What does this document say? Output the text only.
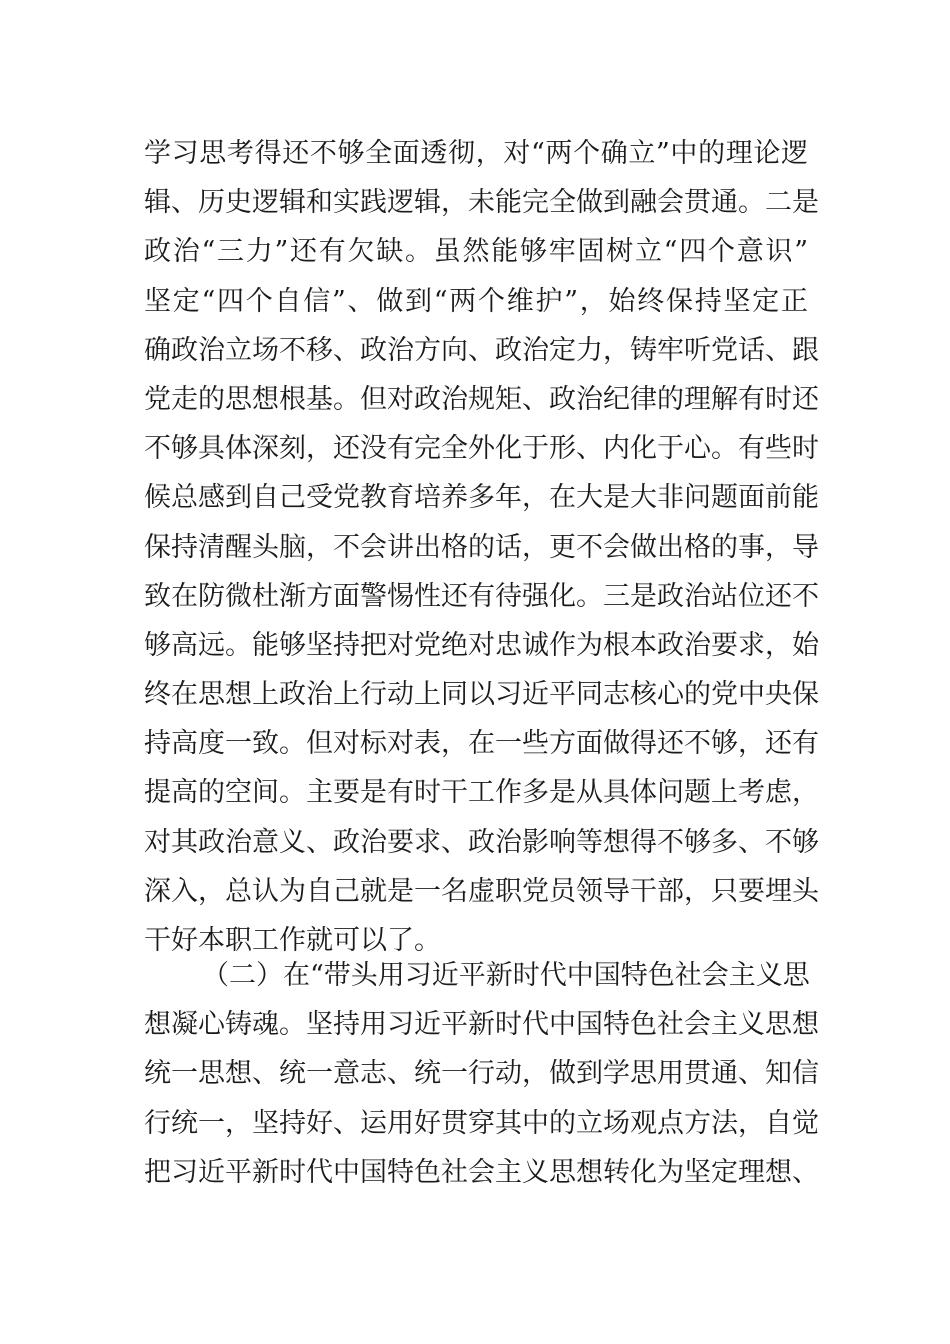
学习思考得还不够全面透彻，对“两个确立”中的理论逻
辑、历史逻辑和实践逻辑，未能完全做到融会贯通。二是
政治“三力”还有欠缺。虽然能够牢固树立“四个意识”
坚定“四个自信”、做到“两个维护”，始终保持坚定正
确政治立场不移、政治方向、政治定力，铸牢听党话、跟
党走的思想根基。但对政治规矩、政治纪律的理解有时还
不够具体深刻，还没有完全外化于形、内化于心。有些时
候总感到自己受党教育培养多年，在大是大非问题面前能
保持清醒头脑，不会讲出格的话，更不会做出格的事，导
致在防微杜渐方面警惕性还有待强化。三是政治站位还不
够高远。能够坚持把对党绝对忠诚作为根本政治要求，始
终在思想上政治上行动上同以习近平同志核心的党中央保
持高度一致。但对标对表，在一些方面做得还不够，还有
提高的空间。主要是有时干工作多是从具体问题上考虑，
对其政治意义、政治要求、政治影响等想得不够多、不够
深入，总认为自己就是一名虚职党员领导干部，只要埋头
干好本职工作就可以了。
（二）在“带头用习近平新时代中国特色社会主义思
想凝心铸魂。坚持用习近平新时代中国特色社会主义思想
统一思想、统一意志、统一行动，做到学思用贯通、知信
行统一，坚持好、运用好贯穿其中的立场观点方法，自觉
把习近平新时代中国特色社会主义思想转化为坚定理想、
